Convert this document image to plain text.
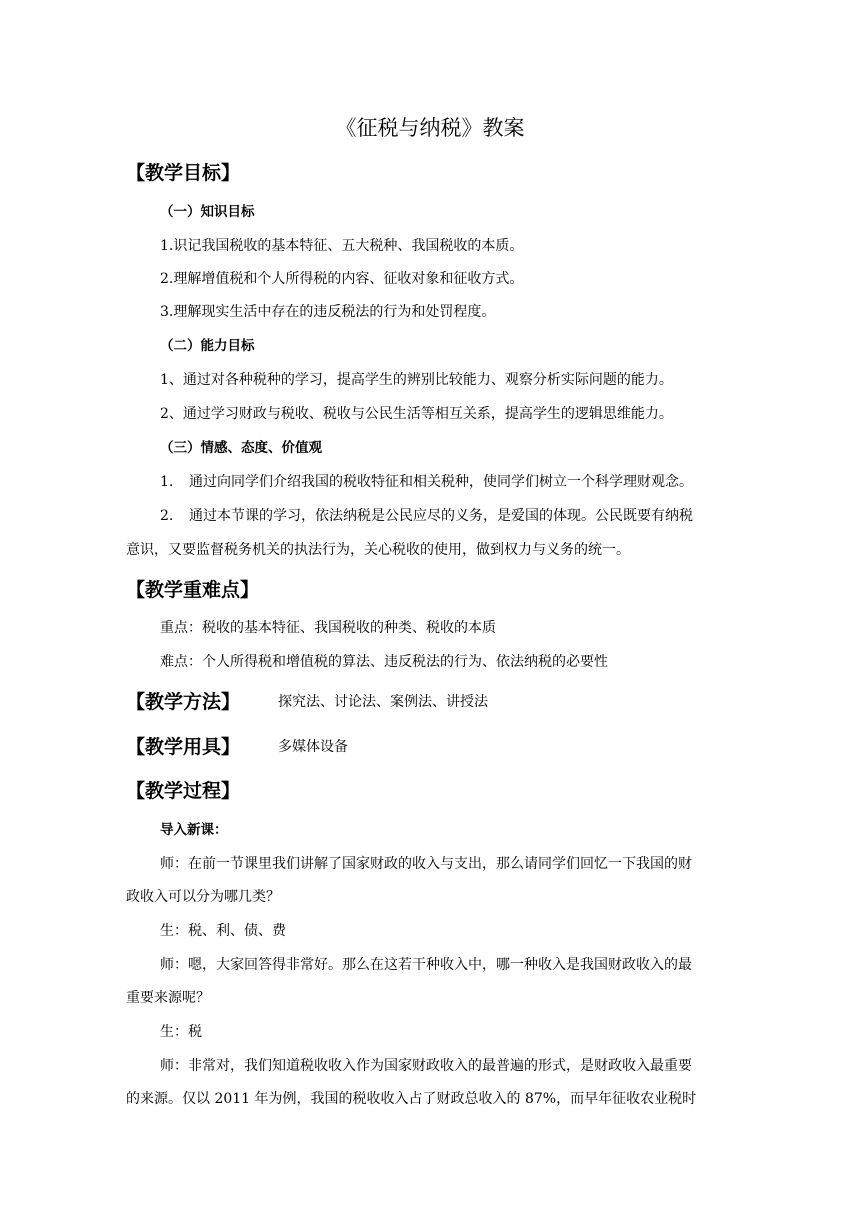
《征税与纳税》教案
【教学目标】
（一）知识目标
1.识记我国税收的基本特征、五大税种、我国税收的本质。
2.理解增值税和个人所得税的内容、征收对象和征收方式。
3.理解现实生活中存在的违反税法的行为和处罚程度。
（二）能力目标
1、通过对各种税种的学习，提高学生的辨别比较能力、观察分析实际问题的能力。
2、通过学习财政与税收、税收与公民生活等相互关系，提高学生的逻辑思维能力。
（三）情感、态度、价值观
1. 通过向同学们介绍我国的税收特征和相关税种，使同学们树立一个科学理财观念。
2. 通过本节课的学习，依法纳税是公民应尽的义务，是爱国的体现。公民既要有纳税
意识，又要监督税务机关的执法行为，关心税收的使用，做到权力与义务的统一。
【教学重难点】
重点：税收的基本特征、我国税收的种类、税收的本质
难点：个人所得税和增值税的算法、违反税法的行为、依法纳税的必要性
【教学方法】	探究法、讨论法、案例法、讲授法
【教学用具】	多媒体设备
【教学过程】
导入新课：
师：在前一节课里我们讲解了国家财政的收入与支出，那么请同学们回忆一下我国的财
政收入可以分为哪几类？
生：税、利、债、费
师：嗯，大家回答得非常好。那么在这若干种收入中，哪一种收入是我国财政收入的最
重要来源呢？
生：税
师：非常对，我们知道税收收入作为国家财政收入的最普遍的形式，是财政收入最重要
的来源。仅以 2011 年为例，我国的税收收入占了财政总收入的 87%，而早年征收农业税时
